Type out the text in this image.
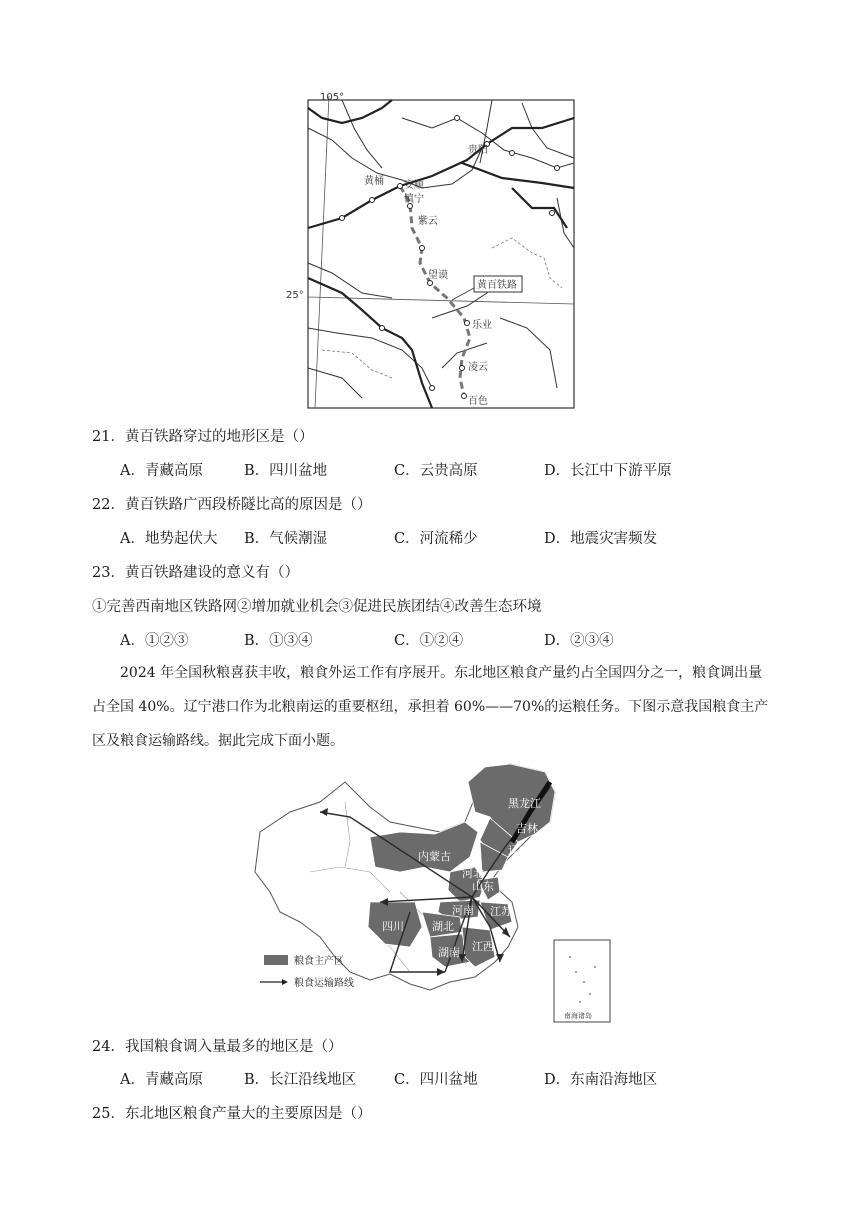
105°
25°
贵阳
黄桶 安顺
镇宁
紫云
望谟
乐业
凌云
百色
黄百铁路
21．黄百铁路穿过的地形区是（）
A．青藏高原	B．四川盆地	C．云贵高原	D．长江中下游平原
22．黄百铁路广西段桥隧比高的原因是（）
A．地势起伏大 B．气候潮湿	C．河流稀少	D．地震灾害频发
23．黄百铁路建设的意义有（）
①完善西南地区铁路网②增加就业机会③促进民族团结④改善生态环境
A．①②③	B．①③④	C．①②④	D．②③④
2024 年全国秋粮喜获丰收，粮食外运工作有序展开。东北地区粮食产量约占全国四分之一，粮食调出量占全国 40%。辽宁港口作为北粮南运的重要枢纽，承担着 60%——70%的运粮任务。下图示意我国粮食主产区及粮食运输路线。据此完成下面小题。
黑龙江
吉林
辽宁
内蒙古
河北
山东
河南 江苏
四川	湖北
湖南 江西
粮食主产区
粮食运输路线
南海诸岛
24．我国粮食调入量最多的地区是（）
A．青藏高原	B．长江沿线地区	C．四川盆地	D．东南沿海地区
25．东北地区粮食产量大的主要原因是（）
